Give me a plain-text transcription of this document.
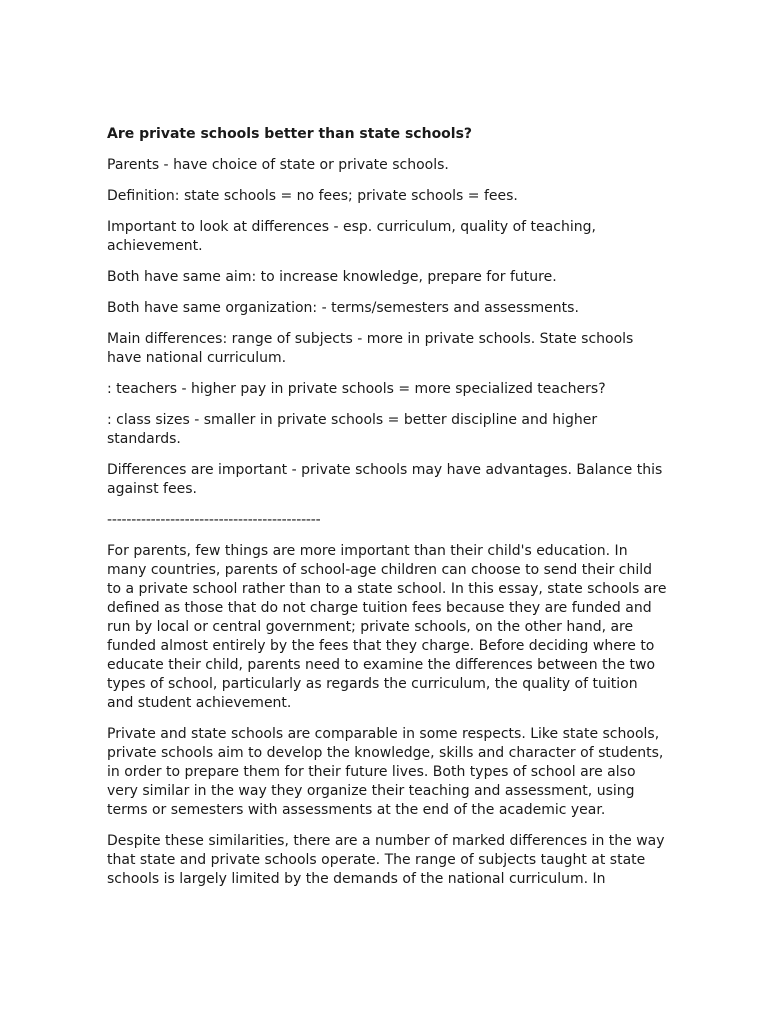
Are private schools better than state schools?

Parents - have choice of state or private schools.

Definition: state schools = no fees; private schools = fees.

Important to look at differences - esp. curriculum, quality of teaching, achievement.

Both have same aim: to increase knowledge, prepare for future.

Both have same organization: - terms/semesters and assessments.

Main differences: range of subjects - more in private schools. State schools have national curriculum.

: teachers - higher pay in private schools = more specialized teachers?

: class sizes - smaller in private schools = better discipline and higher standards.

Differences are important - private schools may have advantages. Balance this against fees.

--------------------------------------------

For parents, few things are more important than their child's education. In many countries, parents of school-age children can choose to send their child to a private school rather than to a state school. In this essay, state schools are defined as those that do not charge tuition fees because they are funded and run by local or central government; private schools, on the other hand, are funded almost entirely by the fees that they charge. Before deciding where to educate their child, parents need to examine the differences between the two types of school, particularly as regards the curriculum, the quality of tuition and student achievement.

Private and state schools are comparable in some respects. Like state schools, private schools aim to develop the knowledge, skills and character of students, in order to prepare them for their future lives. Both types of school are also very similar in the way they organize their teaching and assessment, using terms or semesters with assessments at the end of the academic year.

Despite these similarities, there are a number of marked differences in the way that state and private schools operate. The range of subjects taught at state schools is largely limited by the demands of the national curriculum. In
